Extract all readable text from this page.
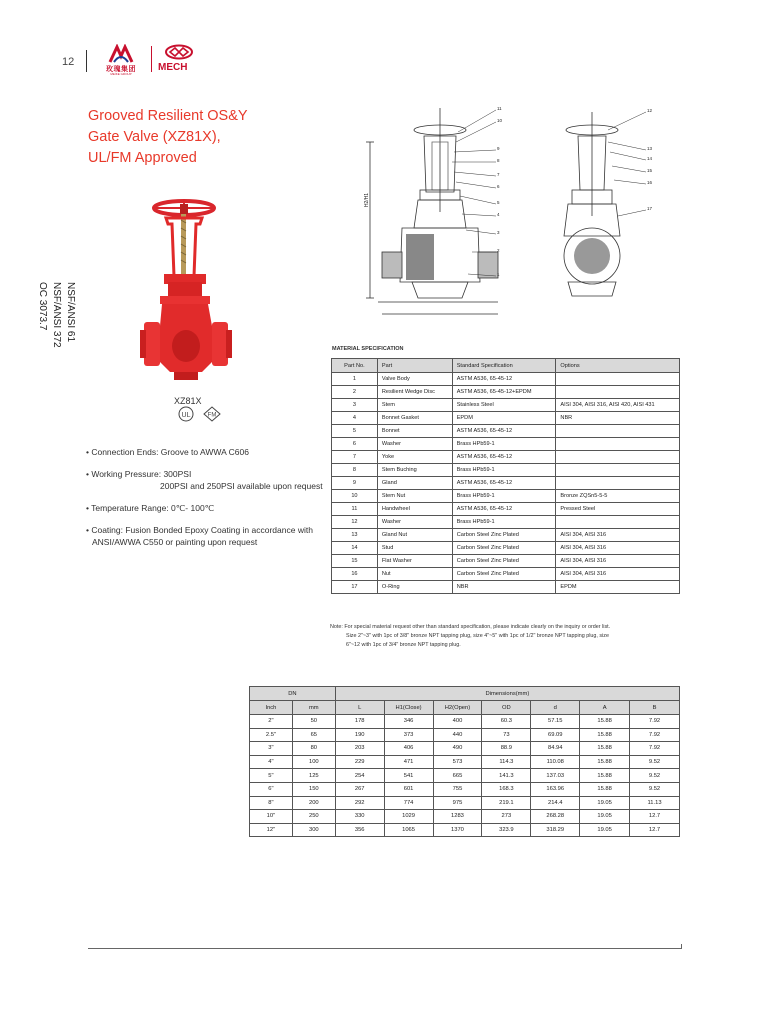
12
玫瑰集团
MEIKE GROUP
MECH
Grooved Resilient OS&Y
Gate Valve (XZ81X),
UL/FM Approved
NSF/ANSI 61
NSF/ANSI 372
OC 3073.7
XZ81X
UL	FM
• Connection Ends: Groove to AWWA C606
• Working Pressure: 300PSI
200PSI and 250PSI available upon request
• Temperature Range: 0℃- 100℃
• Coating: Fusion Bonded Epoxy Coating in accordance with
ANSI/AWWA C550 or painting upon request
H2/H1
11
10
9
8
7
6
5
4
3
2
1
12
13
14
15
16
17
MATERIAL SPECIFICATION
Part No.	Part	Standard Specification	Options
1	Valve Body	ASTM A536, 65-45-12	
2	Resilient Wedge Disc	ASTM A536, 65-45-12+EPDM	
3	Stem	Stainless Steel	AISI 304, AISI 316, AISI 420, AISI 431
4	Bonnet Gasket	EPDM	NBR
5	Bonnet	ASTM A536, 65-45-12	
6	Washer	Brass HPb59-1	
7	Yoke	ASTM A536, 65-45-12	
8	Stem Buching	Brass HPb59-1	
9	Gland	ASTM A536, 65-45-12	
10	Stem Nut	Brass HPb59-1	Bronze ZQSn5-5-5
11	Handwheel	ASTM A536, 65-45-12	Pressed Steel
12	Washer	Brass HPb59-1	
13	Gland Nut	Carbon Steel Zinc Plated	AISI 304, AISI 316
14	Stud	Carbon Steel Zinc Plated	AISI 304, AISI 316
15	Flat Washer	Carbon Steel Zinc Plated	AISI 304, AISI 316
16	Nut	Carbon Steel Zinc Plated	AISI 304, AISI 316
17	O-Ring	NBR	EPDM
Note: For special material request other than standard specification, please indicate clearly on the inquiry or order list.
Size 2"~3" with 1pc of 3/8" bronze NPT tapping plug, size 4"~5" with 1pc of 1/2" bronze NPT tapping plug, size
6"~12 with 1pc of 3/4" bronze NPT tapping plug.
DN		Dimensions(mm)						
Inch	mm	L	H1(Close)	H2(Open)	OD	d	A	B
2"	50	178	346	400	60.3	57.15	15.88	7.92
2.5"	65	190	373	440	73	69.09	15.88	7.92
3"	80	203	406	490	88.9	84.94	15.88	7.92
4"	100	229	471	573	114.3	110.08	15.88	9.52
5"	125	254	541	665	141.3	137.03	15.88	9.52
6"	150	267	601	755	168.3	163.96	15.88	9.52
8"	200	292	774	975	219.1	214.4	19.05	11.13
10"	250	330	1029	1283	273	268.28	19.05	12.7
12"	300	356	1065	1370	323.9	318.29	19.05	12.7
